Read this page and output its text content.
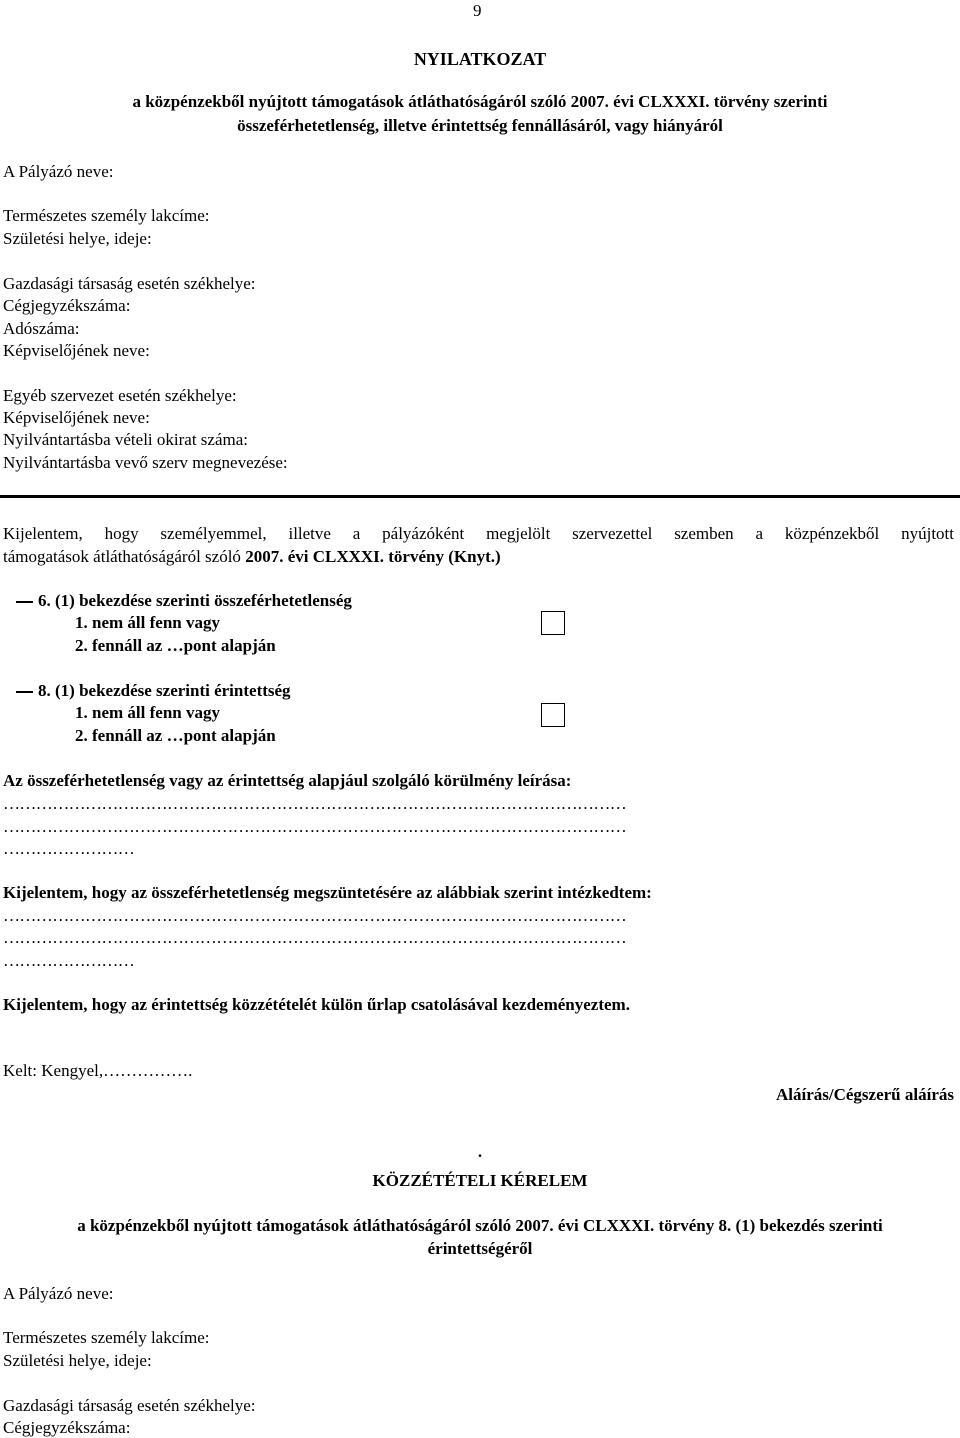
9
NYILATKOZAT
a közpénzekből nyújtott támogatások átláthatóságáról szóló 2007. évi CLXXXI. törvény szerinti
összeférhetetlenség, illetve érintettség fennállásáról, vagy hiányáról
A Pályázó neve:
Természetes személy lakcíme:
Születési helye, ideje:
Gazdasági társaság esetén székhelye:
Cégjegyzékszáma:
Adószáma:
Képviselőjének neve:
Egyéb szervezet esetén székhelye:
Képviselőjének neve:
Nyilvántartásba vételi okirat száma:
Nyilvántartásba vevő szerv megnevezése:
Kijelentem, hogy személyemmel, illetve a pályázóként megjelölt szervezettel szemben a közpénzekből nyújtott
támogatások átláthatóságáról szóló 2007. évi CLXXXI. törvény (Knyt.)
6. (1) bekezdése szerinti összeférhetetlenség
1. nem áll fenn vagy
2. fennáll az …pont alapján
8. (1) bekezdése szerinti érintettség
1. nem áll fenn vagy
2. fennáll az …pont alapján
Az összeférhetetlenség vagy az érintettség alapjául szolgáló körülmény leírása:
……………………………………………………………………………………………………
……………………………………………………………………………………………………
……………………
Kijelentem, hogy az összeférhetetlenség megszüntetésére az alábbiak szerint intézkedtem:
……………………………………………………………………………………………………
……………………………………………………………………………………………………
……………………
Kijelentem, hogy az érintettség közzétételét külön űrlap csatolásával kezdeményeztem.
Kelt: Kengyel,…………….
Aláírás/Cégszerű aláírás
.
KÖZZÉTÉTELI KÉRELEM
a közpénzekből nyújtott támogatások átláthatóságáról szóló 2007. évi CLXXXI. törvény 8. (1) bekezdés szerinti
érintettségéről
A Pályázó neve:
Természetes személy lakcíme:
Születési helye, ideje:
Gazdasági társaság esetén székhelye:
Cégjegyzékszáma:
